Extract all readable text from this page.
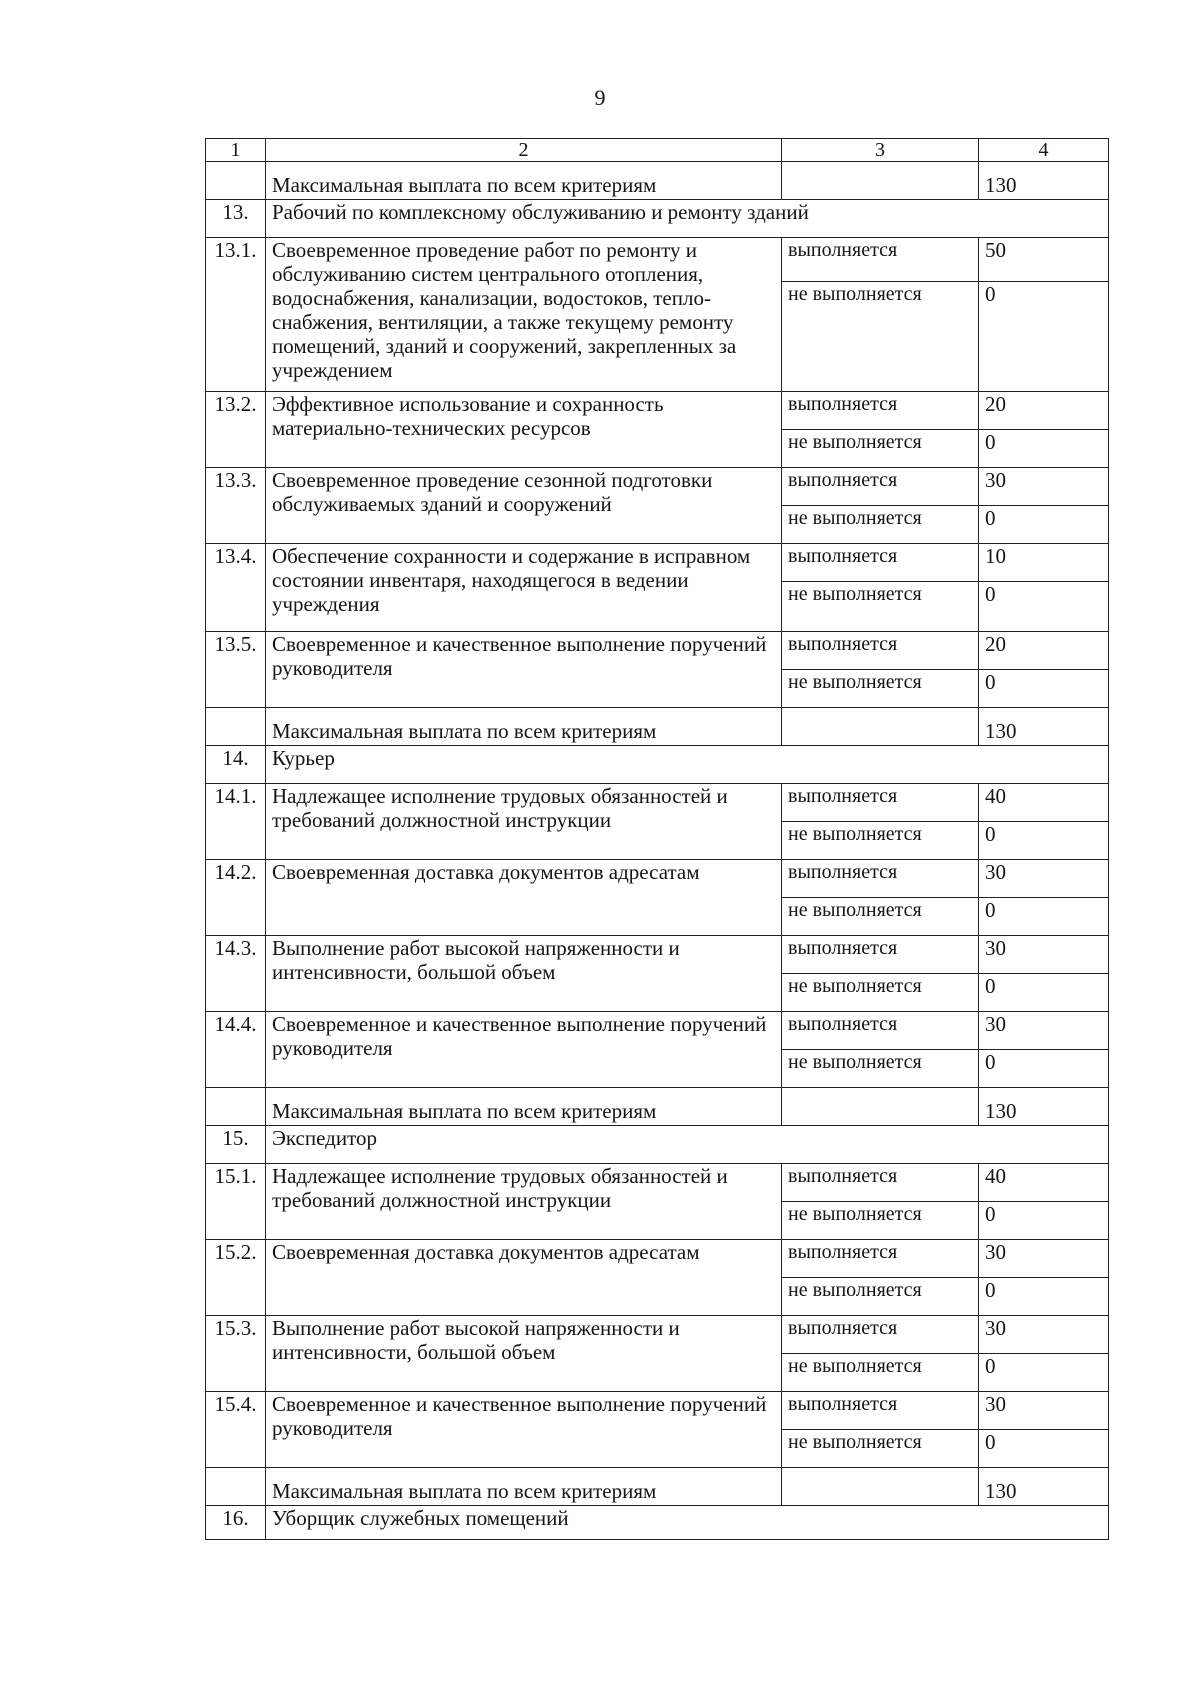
9
1	2	3	4
	Максимальная выплата по всем критериям		130
13.	Рабочий по комплексному обслуживанию и ремонту зданий		
13.1.	Своевременное проведение работ по ремонту и обслуживанию систем центрального отопления, водоснабжения, канализации, водостоков, тепло-снабжения, вентиляции, а также текущему ремонту помещений, зданий и сооружений, закрепленных за учреждением	выполняется	50
		не выполняется	0
13.2.	Эффективное использование и сохранность материально-технических ресурсов	выполняется	20
		не выполняется	0
13.3.	Своевременное проведение сезонной подготовки обслуживаемых зданий и сооружений	выполняется	30
		не выполняется	0
13.4.	Обеспечение сохранности и содержание в исправном состоянии инвентаря, находящегося в ведении учреждения	выполняется	10
		не выполняется	0
13.5.	Своевременное и качественное выполнение поручений руководителя	выполняется	20
		не выполняется	0
	Максимальная выплата по всем критериям		130
14.	Курьер		
14.1.	Надлежащее исполнение трудовых обязанностей и требований должностной инструкции	выполняется	40
		не выполняется	0
14.2.	Своевременная доставка документов адресатам	выполняется	30
		не выполняется	0
14.3.	Выполнение работ высокой напряженности и интенсивности, большой объем	выполняется	30
		не выполняется	0
14.4.	Своевременное и качественное выполнение поручений руководителя	выполняется	30
		не выполняется	0
	Максимальная выплата по всем критериям		130
15.	Экспедитор		
15.1.	Надлежащее исполнение трудовых обязанностей и требований должностной инструкции	выполняется	40
		не выполняется	0
15.2.	Своевременная доставка документов адресатам	выполняется	30
		не выполняется	0
15.3.	Выполнение работ высокой напряженности и интенсивности, большой объем	выполняется	30
		не выполняется	0
15.4.	Своевременное и качественное выполнение поручений руководителя	выполняется	30
		не выполняется	0
	Максимальная выплата по всем критериям		130
16.	Уборщик служебных помещений		
